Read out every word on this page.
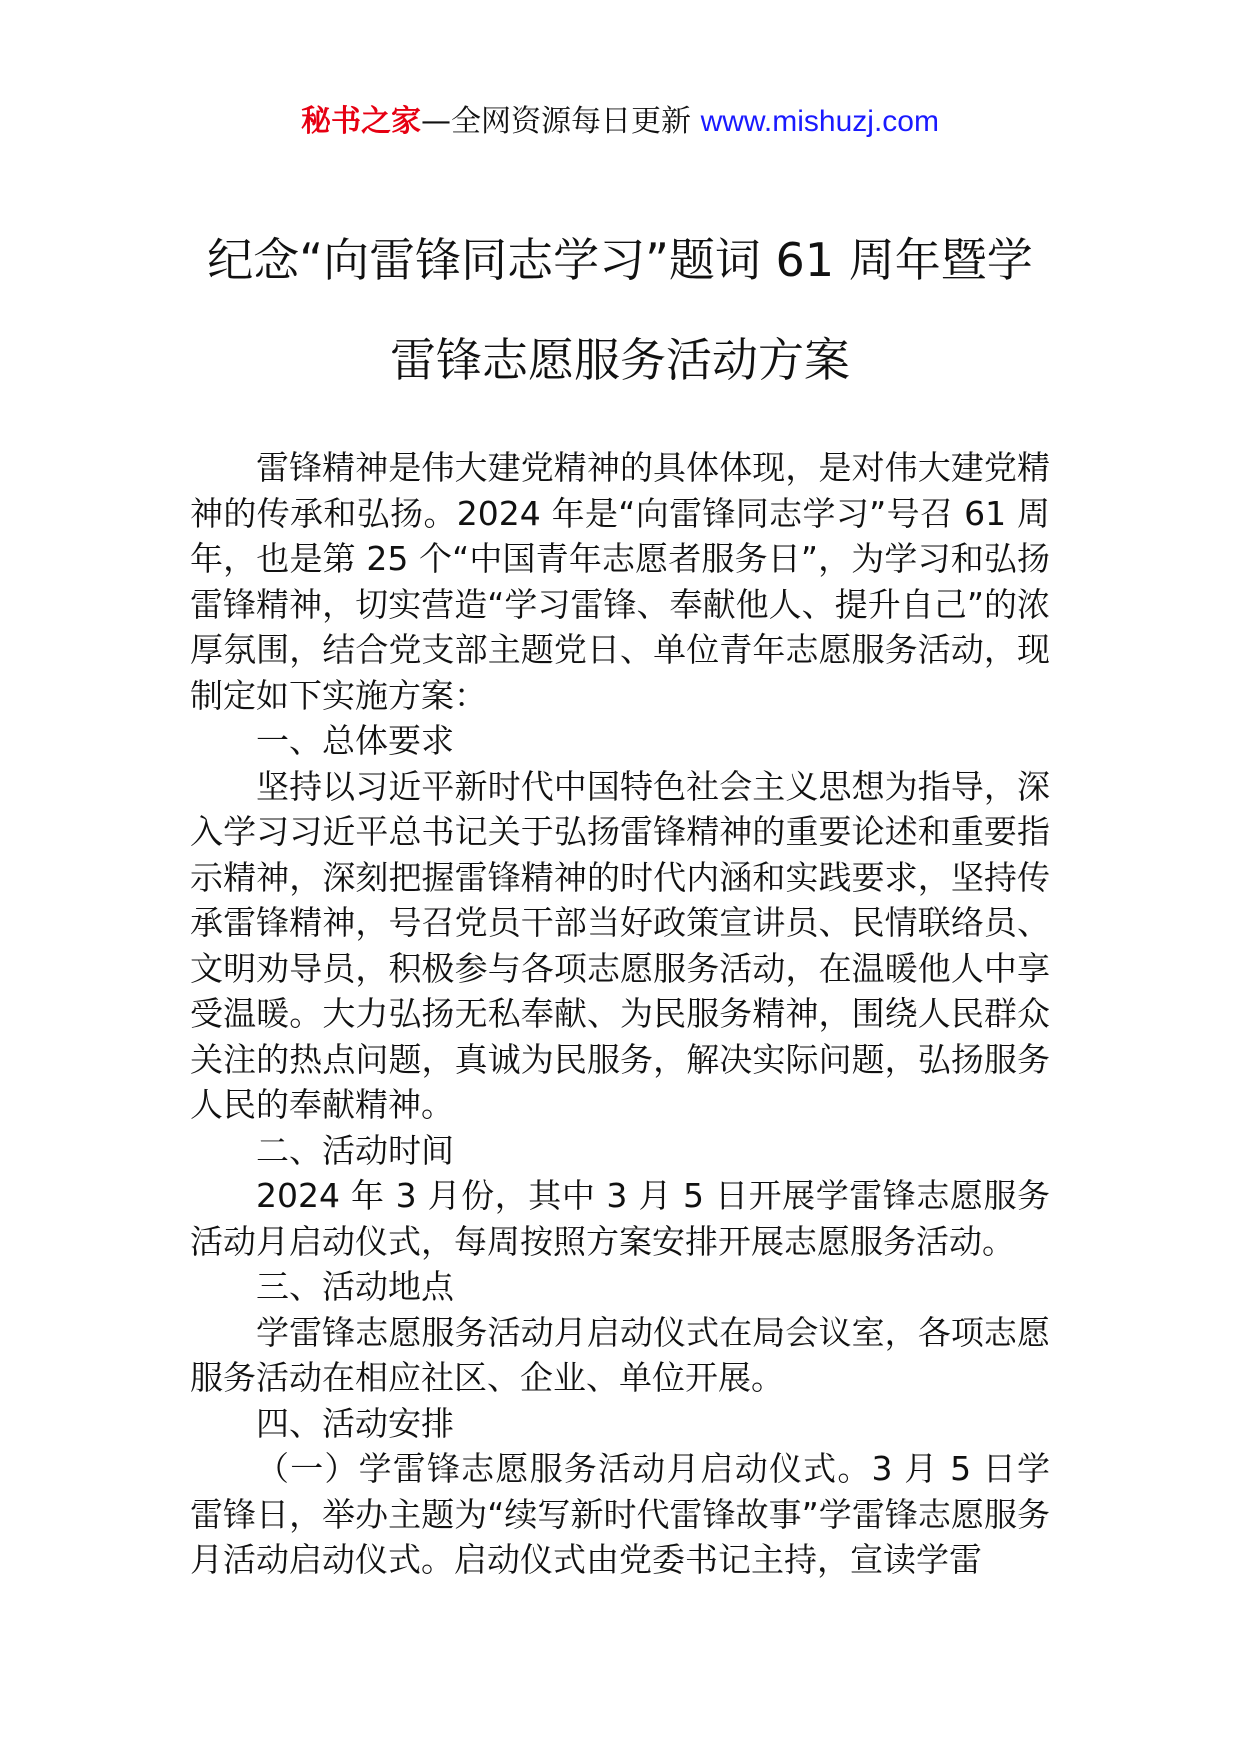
秘书之家—全网资源每日更新 www.mishuzj.com
纪念“向雷锋同志学习”题词 61 周年暨学
雷锋志愿服务活动方案

雷锋精神是伟大建党精神的具体体现，是对伟大建党精神的传承和弘扬。2024 年是“向雷锋同志学习”号召 61 周年，也是第 25 个“中国青年志愿者服务日”，为学习和弘扬雷锋精神，切实营造“学习雷锋、奉献他人、提升自己”的浓厚氛围，结合党支部主题党日、单位青年志愿服务活动，现制定如下实施方案：

一、总体要求

坚持以习近平新时代中国特色社会主义思想为指导，深入学习习近平总书记关于弘扬雷锋精神的重要论述和重要指示精神，深刻把握雷锋精神的时代内涵和实践要求，坚持传承雷锋精神，号召党员干部当好政策宣讲员、民情联络员、文明劝导员，积极参与各项志愿服务活动，在温暖他人中享受温暖。大力弘扬无私奉献、为民服务精神，围绕人民群众关注的热点问题，真诚为民服务，解决实际问题，弘扬服务人民的奉献精神。

二、活动时间

2024 年 3 月份，其中 3 月 5 日开展学雷锋志愿服务活动月启动仪式，每周按照方案安排开展志愿服务活动。

三、活动地点

学雷锋志愿服务活动月启动仪式在局会议室，各项志愿服务活动在相应社区、企业、单位开展。

四、活动安排

（一）学雷锋志愿服务活动月启动仪式。3 月 5 日学雷锋日，举办主题为“续写新时代雷锋故事”学雷锋志愿服务月活动启动仪式。启动仪式由党委书记主持，宣读学雷
